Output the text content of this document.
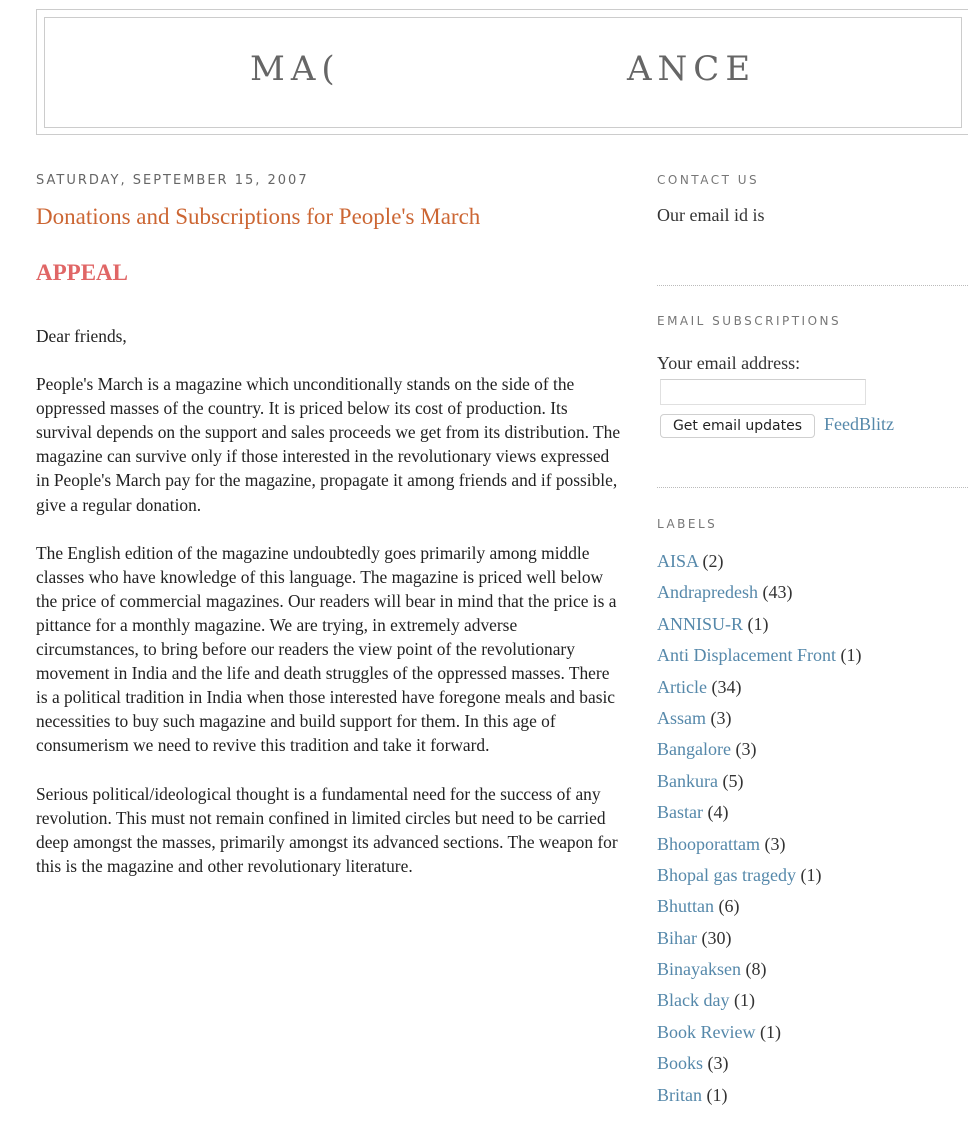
MA(	ANCE
SATURDAY, SEPTEMBER 15, 2007
Donations and Subscriptions for People's March
APPEAL

Dear friends,

People's March is a magazine which unconditionally stands on the side of the oppressed masses of the country. It is priced below its cost of production. Its survival depends on the support and sales proceeds we get from its distribution. The magazine can survive only if those interested in the revolutionary views expressed in People's March pay for the magazine, propagate it among friends and if possible, give a regular donation.

The English edition of the magazine undoubtedly goes primarily among middle classes who have knowledge of this language. The magazine is priced well below the price of commercial magazines. Our readers will bear in mind that the price is a pittance for a monthly magazine. We are trying, in extremely adverse circumstances, to bring before our readers the view point of the revolutionary movement in India and the life and death struggles of the oppressed masses. There is a political tradition in India when those interested have foregone meals and basic necessities to buy such magazine and build support for them. In this age of consumerism we need to revive this tradition and take it forward.

Serious political/ideological thought is a fundamental need for the success of any revolution. This must not remain confined in limited circles but need to be carried deep amongst the masses, primarily amongst its advanced sections. The weapon for this is the magazine and other revolutionary literature.

CONTACT US
Our email id is
EMAIL SUBSCRIPTIONS
Your email address:
Get email updates	FeedBlitz
LABELS
AISA (2)
Andrapredesh (43)
ANNISU-R (1)
Anti Displacement Front (1)
Article (34)
Assam (3)
Bangalore (3)
Bankura (5)
Bastar (4)
Bhooporattam (3)
Bhopal gas tragedy (1)
Bhuttan (6)
Bihar (30)
Binayaksen (8)
Black day (1)
Book Review (1)
Books (3)
Britan (1)
